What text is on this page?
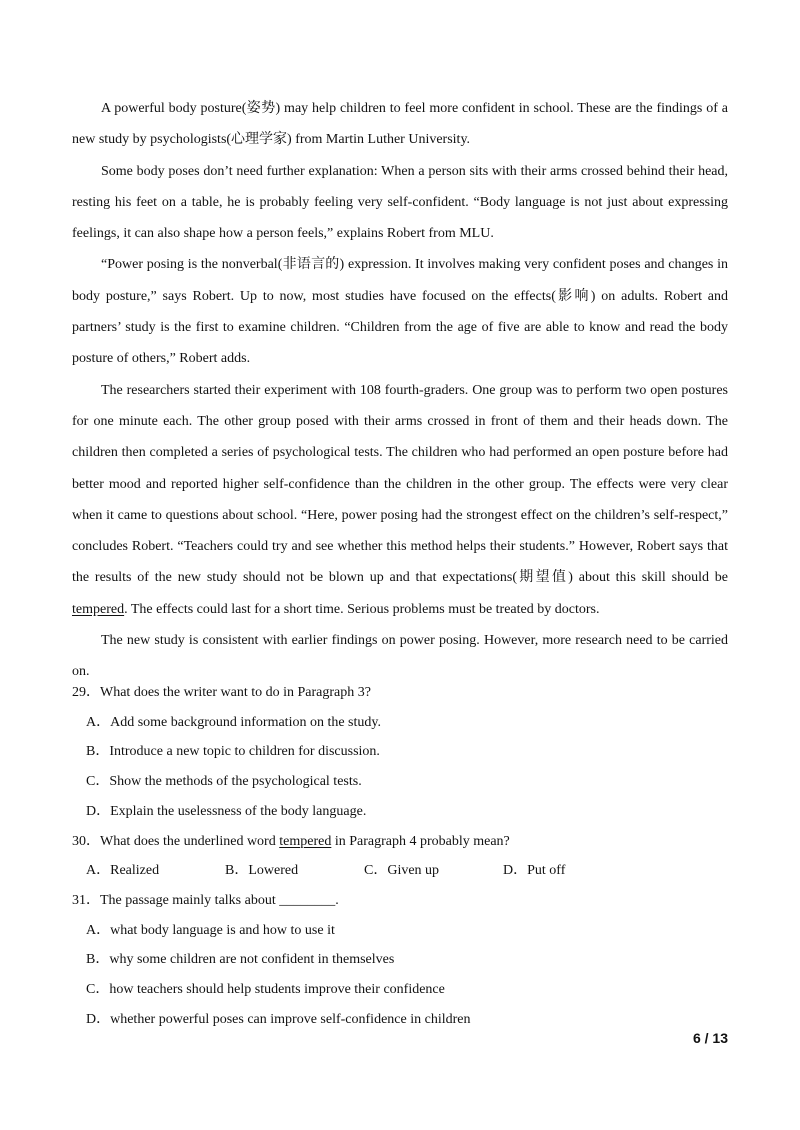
A powerful body posture(姿势) may help children to feel more confident in school. These are the findings of a new study by psychologists(心理学家) from Martin Luther University.

Some body poses don’t need further explanation: When a person sits with their arms crossed behind their head, resting his feet on a table, he is probably feeling very self-confident. “Body language is not just about expressing feelings, it can also shape how a person feels,” explains Robert from MLU.

“Power posing is the nonverbal(非语言的) expression. It involves making very confident poses and changes in body posture,” says Robert. Up to now, most studies have focused on the effects(影响) on adults. Robert and partners’ study is the first to examine children. “Children from the age of five are able to know and read the body posture of others,” Robert adds.

The researchers started their experiment with 108 fourth-graders. One group was to perform two open postures for one minute each. The other group posed with their arms crossed in front of them and their heads down. The children then completed a series of psychological tests. The children who had performed an open posture before had better mood and reported higher self-confidence than the children in the other group. The effects were very clear when it came to questions about school. “Here, power posing had the strongest effect on the children’s self-respect,” concludes Robert. “Teachers could try and see whether this method helps their students.” However, Robert says that the results of the new study should not be blown up and that expectations(期望值) about this skill should be tempered. The effects could last for a short time. Serious problems must be treated by doctors.

The new study is consistent with earlier findings on power posing. However, more research need to be carried on.

29．What does the writer want to do in Paragraph 3?

A．Add some background information on the study.

B．Introduce a new topic to children for discussion.

C．Show the methods of the psychological tests.

D．Explain the uselessness of the body language.

30．What does the underlined word tempered in Paragraph 4 probably mean?

A．Realized	B．Lowered	C．Given up	D．Put off

31．The passage mainly talks about ________.

A．what body language is and how to use it

B．why some children are not confident in themselves

C．how teachers should help students improve their confidence

D．whether powerful poses can improve self-confidence in children

6 / 13
